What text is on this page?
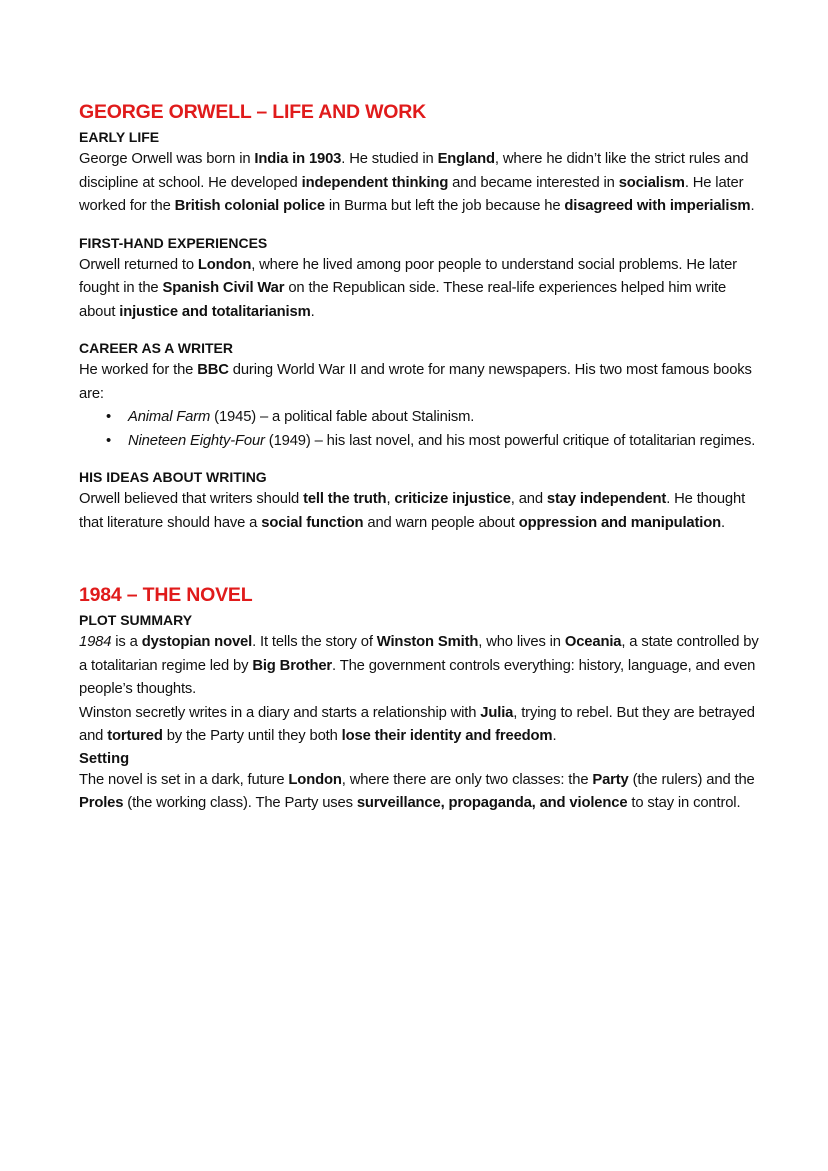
GEORGE ORWELL – LIFE AND WORK
EARLY LIFE

George Orwell was born in India in 1903. He studied in England, where he didn’t like the strict rules and discipline at school. He developed independent thinking and became interested in socialism. He later worked for the British colonial police in Burma but left the job because he disagreed with imperialism.

FIRST-HAND EXPERIENCES

Orwell returned to London, where he lived among poor people to understand social problems. He later fought in the Spanish Civil War on the Republican side. These real-life experiences helped him write about injustice and totalitarianism.

CAREER AS A WRITER

He worked for the BBC during World War II and wrote for many newspapers. His two most famous books are:

• Animal Farm (1945) – a political fable about Stalinism.
• Nineteen Eighty-Four (1949) – his last novel, and his most powerful critique of totalitarian regimes.
HIS IDEAS ABOUT WRITING

Orwell believed that writers should tell the truth, criticize injustice, and stay independent. He thought that literature should have a social function and warn people about oppression and manipulation.

1984 – THE NOVEL
PLOT SUMMARY

1984 is a dystopian novel. It tells the story of Winston Smith, who lives in Oceania, a state controlled by a totalitarian regime led by Big Brother. The government controls everything: history, language, and even people’s thoughts.

Winston secretly writes in a diary and starts a relationship with Julia, trying to rebel. But they are betrayed and tortured by the Party until they both lose their identity and freedom.

Setting

The novel is set in a dark, future London, where there are only two classes: the Party (the rulers) and the Proles (the working class). The Party uses surveillance, propaganda, and violence to stay in control.
